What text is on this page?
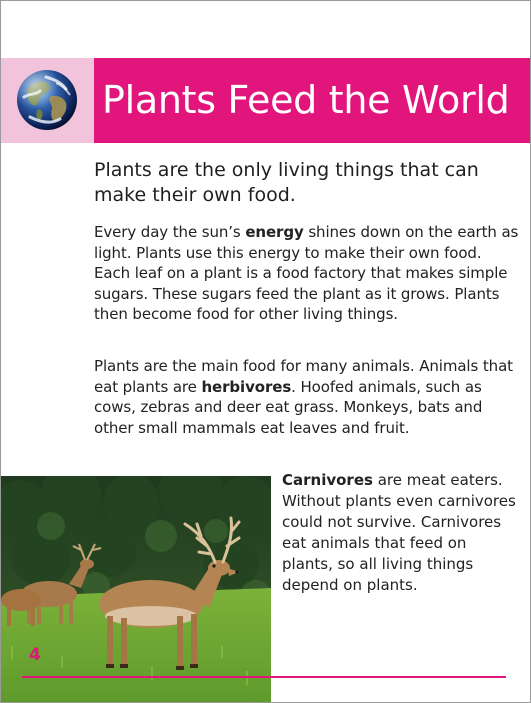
Plants Feed the World
Plants are the only living things that can make their own food.

Every day the sun’s energy shines down on the earth as light. Plants use this energy to make their own food. Each leaf on a plant is a food factory that makes simple sugars. These sugars feed the plant as it grows. Plants then become food for other living things.

Plants are the main food for many animals. Animals that eat plants are herbivores. Hoofed animals, such as cows, zebras and deer eat grass. Monkeys, bats and other small mammals eat leaves and fruit.

Carnivores are meat eaters. Without plants even carnivores could not survive. Carnivores eat animals that feed on plants, so all living things depend on plants.

4
